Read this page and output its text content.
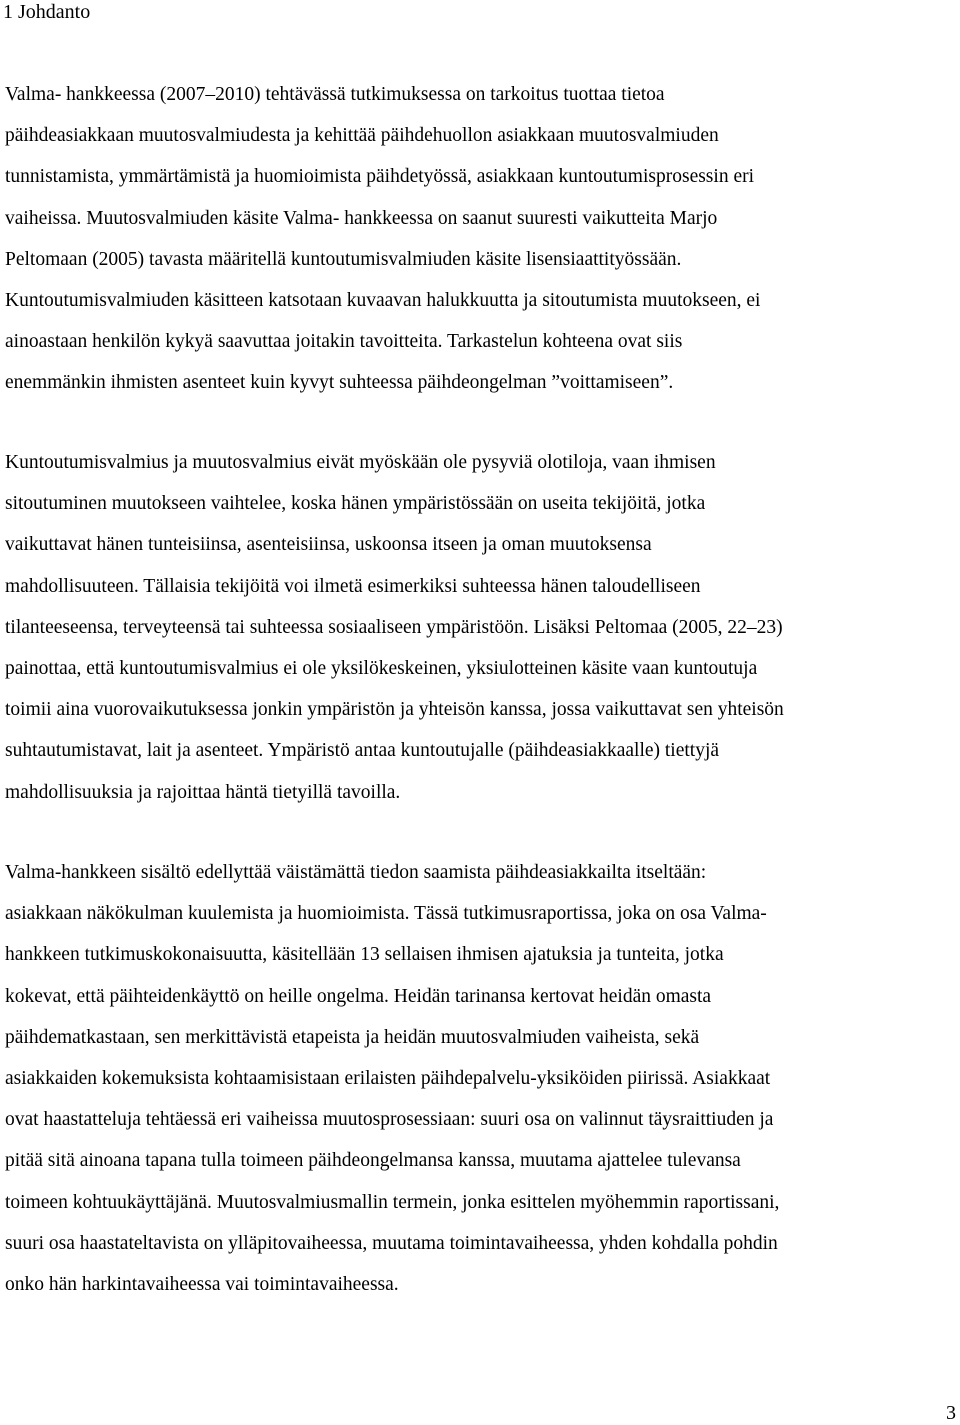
1 Johdanto
Valma- hankkeessa (2007–2010) tehtävässä tutkimuksessa on tarkoitus tuottaa tietoa
päihdeasiakkaan muutosvalmiudesta ja kehittää päihdehuollon asiakkaan muutosvalmiuden
tunnistamista, ymmärtämistä ja huomioimista päihdetyössä, asiakkaan kuntoutumisprosessin eri
vaiheissa. Muutosvalmiuden käsite Valma- hankkeessa on saanut suuresti vaikutteita Marjo
Peltomaan (2005) tavasta määritellä kuntoutumisvalmiuden käsite lisensiaattityössään.
Kuntoutumisvalmiuden käsitteen katsotaan kuvaavan halukkuutta ja sitoutumista muutokseen, ei
ainoastaan henkilön kykyä saavuttaa joitakin tavoitteita. Tarkastelun kohteena ovat siis
enemmänkin ihmisten asenteet kuin kyvyt suhteessa päihdeongelman ”voittamiseen”.
Kuntoutumisvalmius ja muutosvalmius eivät myöskään ole pysyviä olotiloja, vaan ihmisen
sitoutuminen muutokseen vaihtelee, koska hänen ympäristössään on useita tekijöitä, jotka
vaikuttavat hänen tunteisiinsa, asenteisiinsa, uskoonsa itseen ja oman muutoksensa
mahdollisuuteen. Tällaisia tekijöitä voi ilmetä esimerkiksi suhteessa hänen taloudelliseen
tilanteeseensa, terveyteensä tai suhteessa sosiaaliseen ympäristöön. Lisäksi Peltomaa (2005, 22–23)
painottaa, että kuntoutumisvalmius ei ole yksilökeskeinen, yksiulotteinen käsite vaan kuntoutuja
toimii aina vuorovaikutuksessa jonkin ympäristön ja yhteisön kanssa, jossa vaikuttavat sen yhteisön
suhtautumistavat, lait ja asenteet. Ympäristö antaa kuntoutujalle (päihdeasiakkaalle) tiettyjä
mahdollisuuksia ja rajoittaa häntä tietyillä tavoilla.
Valma-hankkeen sisältö edellyttää väistämättä tiedon saamista päihdeasiakkailta itseltään:
asiakkaan näkökulman kuulemista ja huomioimista. Tässä tutkimusraportissa, joka on osa Valma-
hankkeen tutkimuskokonaisuutta, käsitellään 13 sellaisen ihmisen ajatuksia ja tunteita, jotka
kokevat, että päihteidenkäyttö on heille ongelma. Heidän tarinansa kertovat heidän omasta
päihdematkastaan, sen merkittävistä etapeista ja heidän muutosvalmiuden vaiheista, sekä
asiakkaiden kokemuksista kohtaamisistaan erilaisten päihdepalvelu-yksiköiden piirissä. Asiakkaat
ovat haastatteluja tehtäessä eri vaiheissa muutosprosessiaan: suuri osa on valinnut täysraittiuden ja
pitää sitä ainoana tapana tulla toimeen päihdeongelmansa kanssa, muutama ajattelee tulevansa
toimeen kohtuukäyttäjänä. Muutosvalmiusmallin termein, jonka esittelen myöhemmin raportissani,
suuri osa haastateltavista on ylläpitovaiheessa, muutama toimintavaiheessa, yhden kohdalla pohdin
onko hän harkintavaiheessa vai toimintavaiheessa.
3
